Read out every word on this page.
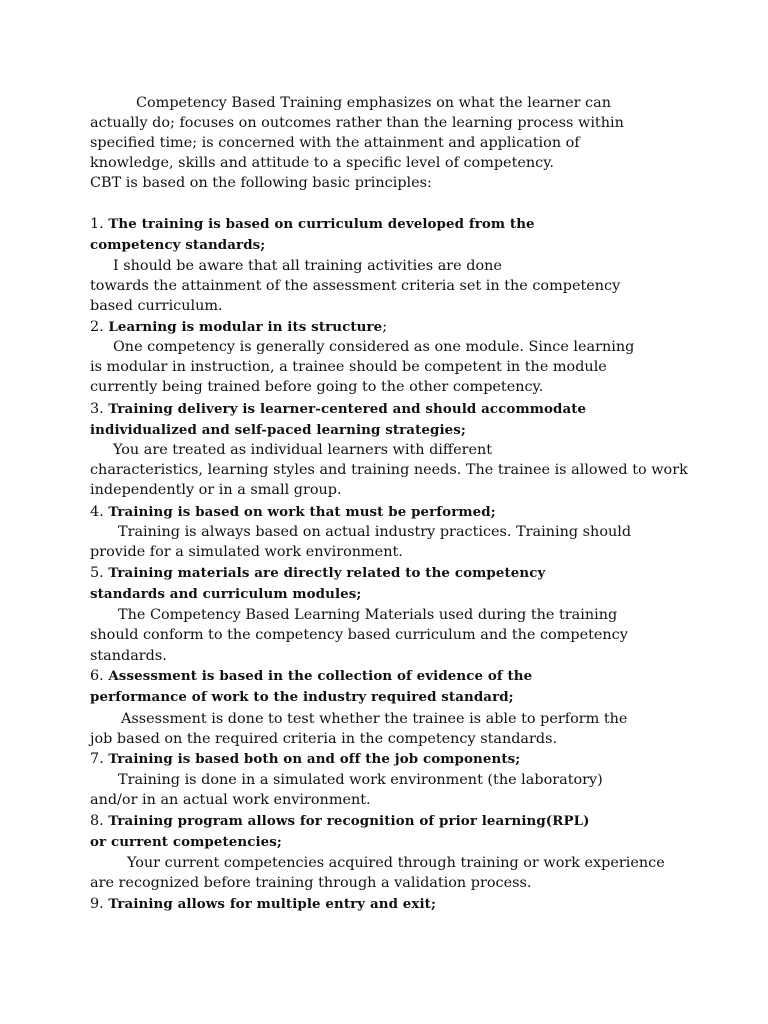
Competency Based Training emphasizes on what the learner can
actually do; focuses on outcomes rather than the learning process within
specified time; is concerned with the attainment and application of
knowledge, skills and attitude to a specific level of competency.
CBT is based on the following basic principles:
1. The training is based on curriculum developed from the
competency standards;
I should be aware that all training activities are done
towards the attainment of the assessment criteria set in the competency
based curriculum.
2. Learning is modular in its structure;
One competency is generally considered as one module. Since learning
is modular in instruction, a trainee should be competent in the module
currently being trained before going to the other competency.
3. Training delivery is learner-centered and should accommodate
individualized and self-paced learning strategies;
You are treated as individual learners with different
characteristics, learning styles and training needs. The trainee is allowed to work
independently or in a small group.
4. Training is based on work that must be performed;
Training is always based on actual industry practices. Training should
provide for a simulated work environment.
5. Training materials are directly related to the competency
standards and curriculum modules;
The Competency Based Learning Materials used during the training
should conform to the competency based curriculum and the competency
standards.
6. Assessment is based in the collection of evidence of the
performance of work to the industry required standard;
Assessment is done to test whether the trainee is able to perform the
job based on the required criteria in the competency standards.
7. Training is based both on and off the job components;
Training is done in a simulated work environment (the laboratory)
and/or in an actual work environment.
8. Training program allows for recognition of prior learning(RPL)
or current competencies;
Your current competencies acquired through training or work experience
are recognized before training through a validation process.
9. Training allows for multiple entry and exit;
